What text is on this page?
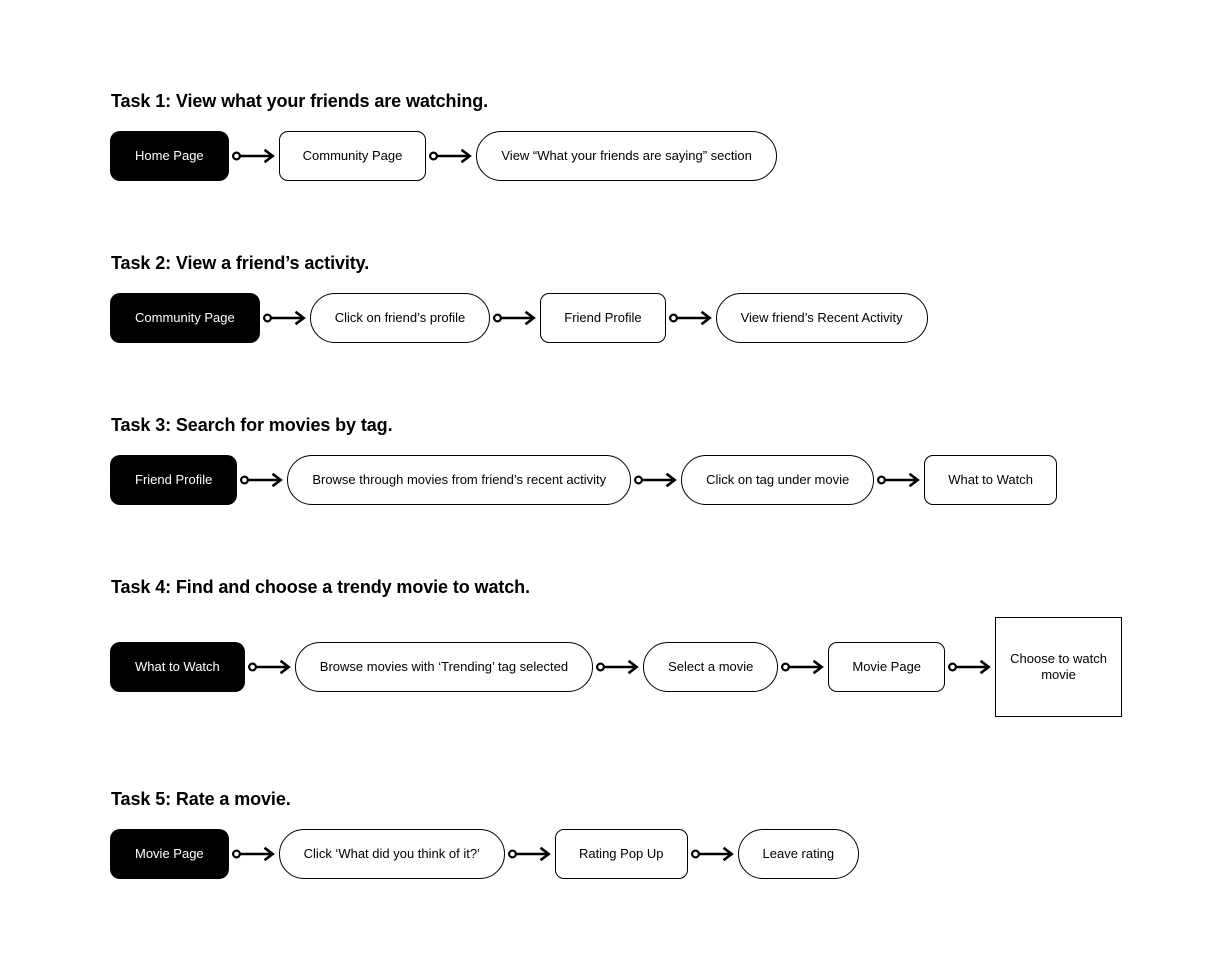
Task 1: View what your friends are watching.
Home Page	Community Page	View “What your friends are saying” section
Task 2: View a friend’s activity.
Community Page	Click on friend’s profile	Friend Profile	View friend’s Recent Activity
Task 3: Search for movies by tag.
Friend Profile	Browse through movies from friend’s recent activity	Click on tag under movie	What to Watch
Task 4: Find and choose a trendy movie to watch.
What to Watch	Browse movies with ‘Trending’ tag selected	Select a movie	Movie Page
Choose to watch movie
Task 5: Rate a movie.
Movie Page	Click ‘What did you think of it?’	Rating Pop Up	Leave rating
